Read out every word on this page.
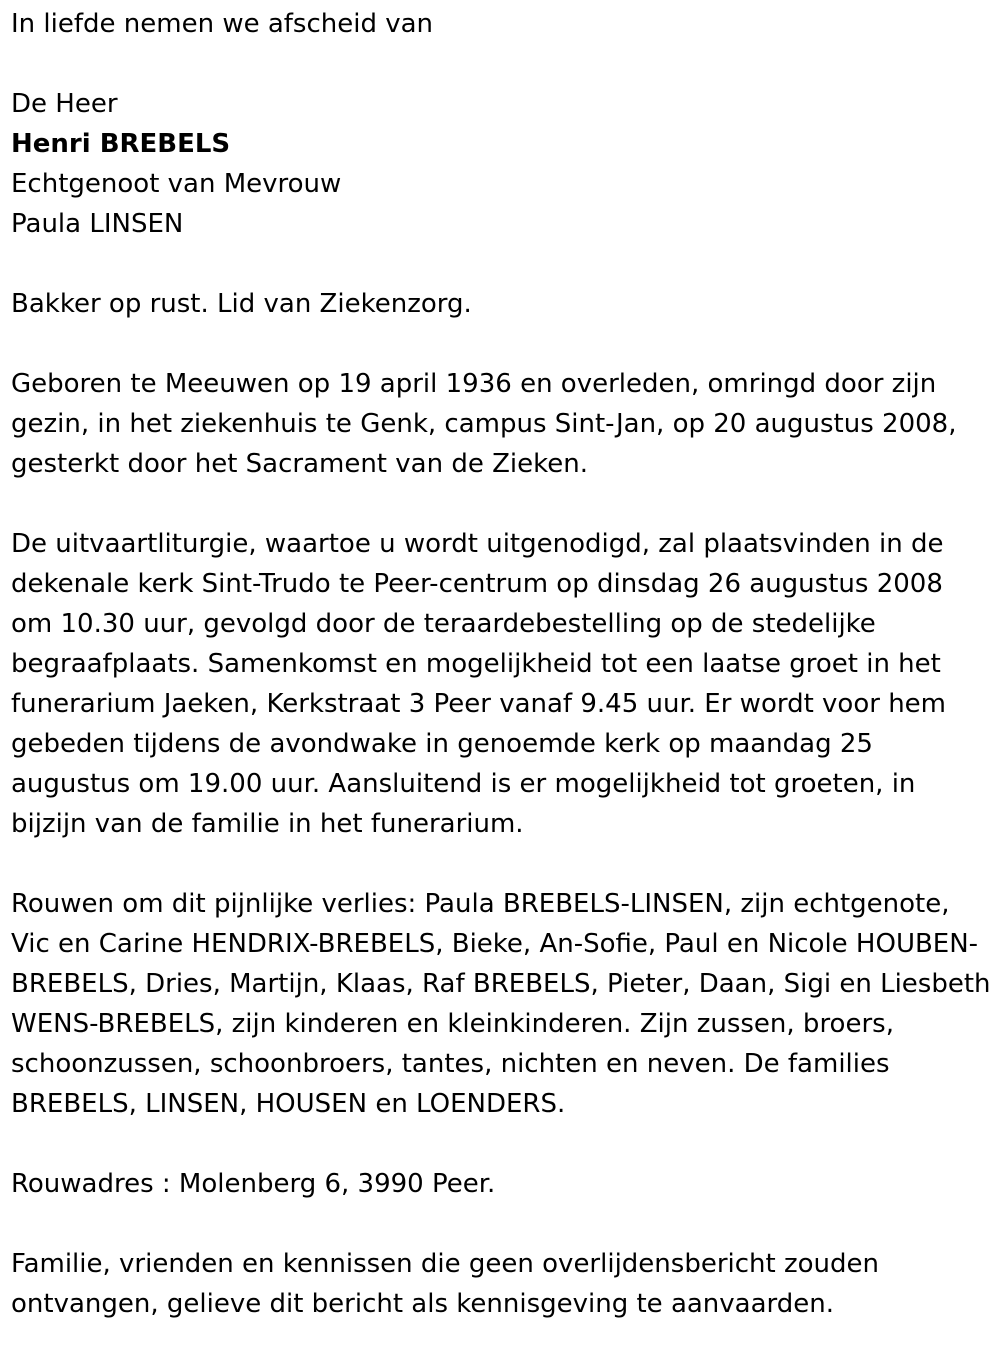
In liefde nemen we afscheid van

De Heer

Henri BREBELS

Echtgenoot van Mevrouw

Paula LINSEN

Bakker op rust. Lid van Ziekenzorg.

Geboren te Meeuwen op 19 april 1936 en overleden, omringd door zijn

gezin, in het ziekenhuis te Genk, campus Sint-Jan, op 20 augustus 2008,

gesterkt door het Sacrament van de Zieken.

De uitvaartliturgie, waartoe u wordt uitgenodigd, zal plaatsvinden in de

dekenale kerk Sint-Trudo te Peer-centrum op dinsdag 26 augustus 2008

om 10.30 uur, gevolgd door de teraardebestelling op de stedelijke

begraafplaats. Samenkomst en mogelijkheid tot een laatse groet in het

funerarium Jaeken, Kerkstraat 3 Peer vanaf 9.45 uur. Er wordt voor hem

gebeden tijdens de avondwake in genoemde kerk op maandag 25

augustus om 19.00 uur. Aansluitend is er mogelijkheid tot groeten, in

bijzijn van de familie in het funerarium.

Rouwen om dit pijnlijke verlies: Paula BREBELS-LINSEN, zijn echtgenote,

Vic en Carine HENDRIX-BREBELS, Bieke, An-Sofie, Paul en Nicole HOUBEN-

BREBELS, Dries, Martijn, Klaas, Raf BREBELS, Pieter, Daan, Sigi en Liesbeth

WENS-BREBELS, zijn kinderen en kleinkinderen. Zijn zussen, broers,

schoonzussen, schoonbroers, tantes, nichten en neven. De families

BREBELS, LINSEN, HOUSEN en LOENDERS.

Rouwadres : Molenberg 6, 3990 Peer.

Familie, vrienden en kennissen die geen overlijdensbericht zouden

ontvangen, gelieve dit bericht als kennisgeving te aanvaarden.
